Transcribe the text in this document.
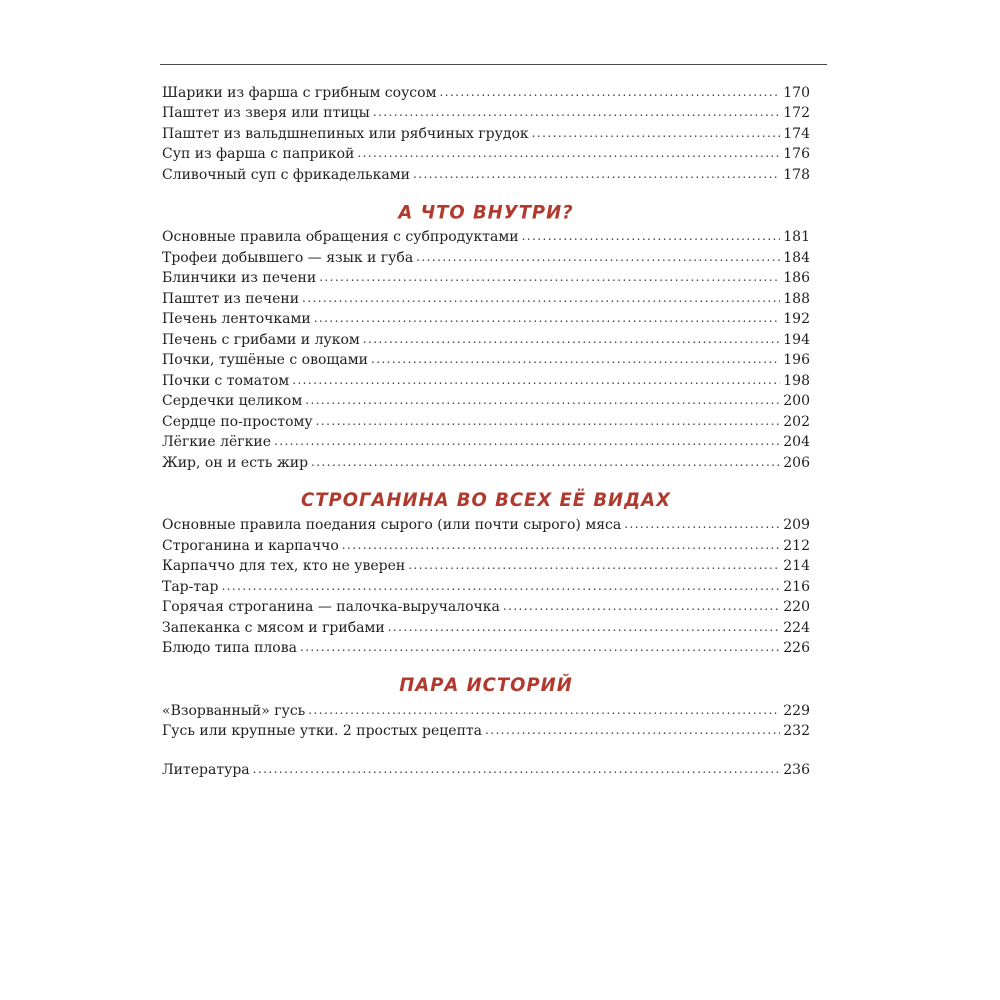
Шарики из фарша с грибным соусом . . .	170
Паштет из зверя или птицы . . .	172
Паштет из вальдшнепиных или рябчиных грудок . . .	174
Суп из фарша с паприкой . . .	176
Сливочный суп с фрикадельками . . .	178
А ЧТО ВНУТРИ?
Основные правила обращения с субпродуктами . . .	181
Трофеи добывшего — язык и губа . . .	184
Блинчики из печени . . .	186
Паштет из печени . . .	188
Печень ленточками . . .	192
Печень с грибами и луком . . .	194
Почки, тушёные с овощами . . .	196
Почки с томатом . . .	198
Сердечки целиком . . .	200
Сердце по-простому . . .	202
Лёгкие лёгкие . . .	204
Жир, он и есть жир . . .	206
СТРОГАНИНА ВО ВСЕХ ЕЁ ВИДАХ
Основные правила поедания сырого (или почти сырого) мяса . . .	209
Строганина и карпаччо . . .	212
Карпаччо для тех, кто не уверен . . .	214
Тар-тар . . .	216
Горячая строганина — палочка-выручалочка . . .	220
Запеканка с мясом и грибами . . .	224
Блюдо типа плова . . .	226
ПАРА ИСТОРИЙ
«Взорванный» гусь . . .	229
Гусь или крупные утки. 2 простых рецепта . . .	232
Литература . . .	236
